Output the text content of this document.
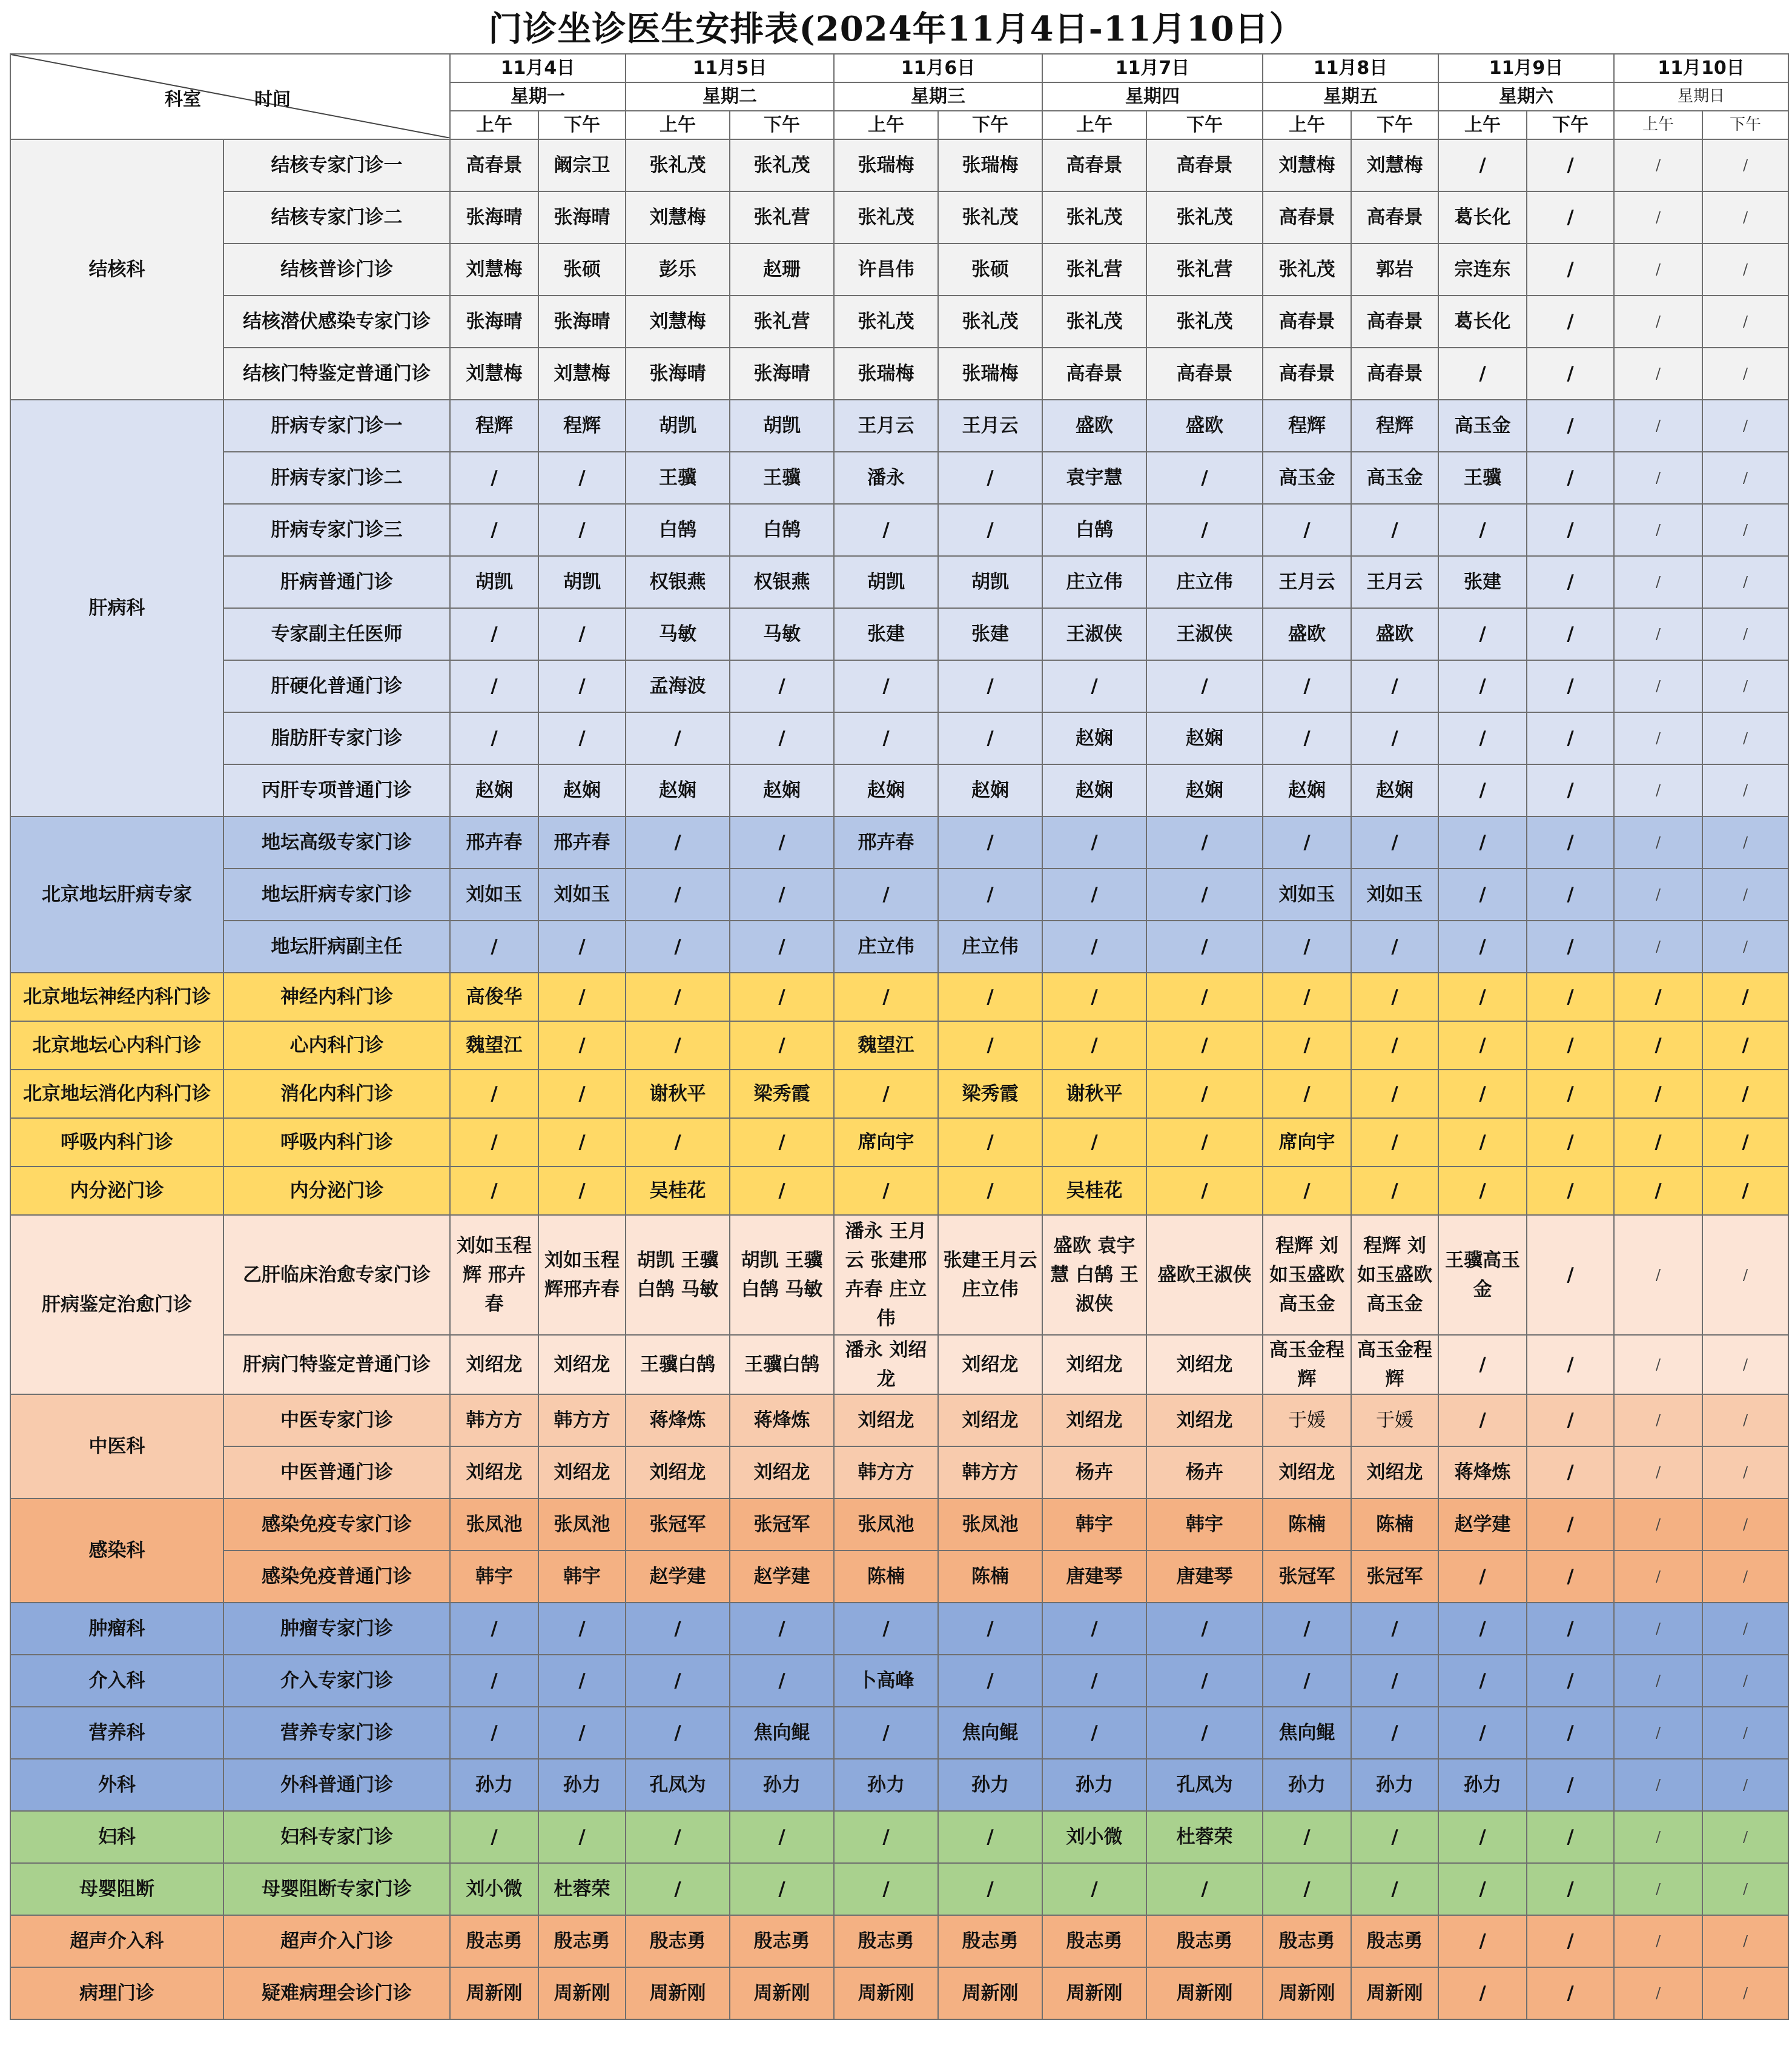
门诊坐诊医生安排表(2024年11月4日-11月10日）
科室 时间		11月4日		11月5日		11月6日		11月7日		11月8日		11月9日		11月10日	
		星期一		星期二		星期三		星期四		星期五		星期六		星期日	
		上午	下午	上午	下午	上午	下午	上午	下午	上午	下午	上午	下午	上午	下午
结核科	结核专家门诊一	高春景	阚宗卫	张礼茂	张礼茂	张瑞梅	张瑞梅	高春景	高春景	刘慧梅	刘慧梅	/	/	/	/
	结核专家门诊二	张海晴	张海晴	刘慧梅	张礼营	张礼茂	张礼茂	张礼茂	张礼茂	高春景	高春景	葛长化	/	/	/
	结核普诊门诊	刘慧梅	张硕	彭乐	赵珊	许昌伟	张硕	张礼营	张礼营	张礼茂	郭岩	宗连东	/	/	/
	结核潜伏感染专家门诊	张海晴	张海晴	刘慧梅	张礼营	张礼茂	张礼茂	张礼茂	张礼茂	高春景	高春景	葛长化	/	/	/
	结核门特鉴定普通门诊	刘慧梅	刘慧梅	张海晴	张海晴	张瑞梅	张瑞梅	高春景	高春景	高春景	高春景	/	/	/	/
肝病科	肝病专家门诊一	程辉	程辉	胡凯	胡凯	王月云	王月云	盛欧	盛欧	程辉	程辉	高玉金	/	/	/
	肝病专家门诊二	/	/	王骥	王骥	潘永	/	袁宇慧	/	高玉金	高玉金	王骥	/	/	/
	肝病专家门诊三	/	/	白鹄	白鹄	/	/	白鹄	/	/	/	/	/	/	/
	肝病普通门诊	胡凯	胡凯	权银燕	权银燕	胡凯	胡凯	庄立伟	庄立伟	王月云	王月云	张建	/	/	/
	专家副主任医师	/	/	马敏	马敏	张建	张建	王淑侠	王淑侠	盛欧	盛欧	/	/	/	/
	肝硬化普通门诊	/	/	孟海波	/	/	/	/	/	/	/	/	/	/	/
	脂肪肝专家门诊	/	/	/	/	/	/	赵娴	赵娴	/	/	/	/	/	/
	丙肝专项普通门诊	赵娴	赵娴	赵娴	赵娴	赵娴	赵娴	赵娴	赵娴	赵娴	赵娴	/	/	/	/
北京地坛肝病专家	地坛高级专家门诊	邢卉春	邢卉春	/	/	邢卉春	/	/	/	/	/	/	/	/	/
	地坛肝病专家门诊	刘如玉	刘如玉	/	/	/	/	/	/	刘如玉	刘如玉	/	/	/	/
	地坛肝病副主任	/	/	/	/	庄立伟	庄立伟	/	/	/	/	/	/	/	/
北京地坛神经内科门诊	神经内科门诊	高俊华	/	/	/	/	/	/	/	/	/	/	/	/	/
北京地坛心内科门诊	心内科门诊	魏望江	/	/	/	魏望江	/	/	/	/	/	/	/	/	/
北京地坛消化内科门诊	消化内科门诊	/	/	谢秋平	梁秀霞	/	梁秀霞	谢秋平	/	/	/	/	/	/	/
呼吸内科门诊	呼吸内科门诊	/	/	/	/	席向宇	/	/	/	席向宇	/	/	/	/	/
内分泌门诊	内分泌门诊	/	/	吴桂花	/	/	/	吴桂花	/	/	/	/	/	/	/
肝病鉴定治愈门诊	乙肝临床治愈专家门诊	刘如玉程辉 邢卉春	刘如玉程辉邢卉春	胡凯 王骥白鹄 马敏	胡凯 王骥白鹄 马敏	潘永 王月云 张建邢卉春 庄立伟	张建王月云庄立伟	盛欧 袁宇慧 白鹄 王淑侠	盛欧王淑侠	程辉 刘如玉盛欧 高玉金	程辉 刘如玉盛欧 高玉金	王骥高玉金	/	/	/
	肝病门特鉴定普通门诊	刘绍龙	刘绍龙	王骥白鹄	王骥白鹄	潘永 刘绍龙	刘绍龙	刘绍龙	刘绍龙	高玉金程辉	高玉金程辉	/	/	/	/
中医科	中医专家门诊	韩方方	韩方方	蒋烽炼	蒋烽炼	刘绍龙	刘绍龙	刘绍龙	刘绍龙	于媛	于媛	/	/	/	/
	中医普通门诊	刘绍龙	刘绍龙	刘绍龙	刘绍龙	韩方方	韩方方	杨卉	杨卉	刘绍龙	刘绍龙	蒋烽炼	/	/	/
感染科	感染免疫专家门诊	张凤池	张凤池	张冠军	张冠军	张凤池	张凤池	韩宇	韩宇	陈楠	陈楠	赵学建	/	/	/
	感染免疫普通门诊	韩宇	韩宇	赵学建	赵学建	陈楠	陈楠	唐建琴	唐建琴	张冠军	张冠军	/	/	/	/
肿瘤科	肿瘤专家门诊	/	/	/	/	/	/	/	/	/	/	/	/	/	/
介入科	介入专家门诊	/	/	/	/	卜高峰	/	/	/	/	/	/	/	/	/
营养科	营养专家门诊	/	/	/	焦向鲲	/	焦向鲲	/	/	焦向鲲	/	/	/	/	/
外科	外科普通门诊	孙力	孙力	孔凤为	孙力	孙力	孙力	孙力	孔凤为	孙力	孙力	孙力	/	/	/
妇科	妇科专家门诊	/	/	/	/	/	/	刘小微	杜蓉荣	/	/	/	/	/	/
母婴阻断	母婴阻断专家门诊	刘小微	杜蓉荣	/	/	/	/	/	/	/	/	/	/	/	/
超声介入科	超声介入门诊	殷志勇	殷志勇	殷志勇	殷志勇	殷志勇	殷志勇	殷志勇	殷志勇	殷志勇	殷志勇	/	/	/	/
病理门诊	疑难病理会诊门诊	周新刚	周新刚	周新刚	周新刚	周新刚	周新刚	周新刚	周新刚	周新刚	周新刚	/	/	/	/
